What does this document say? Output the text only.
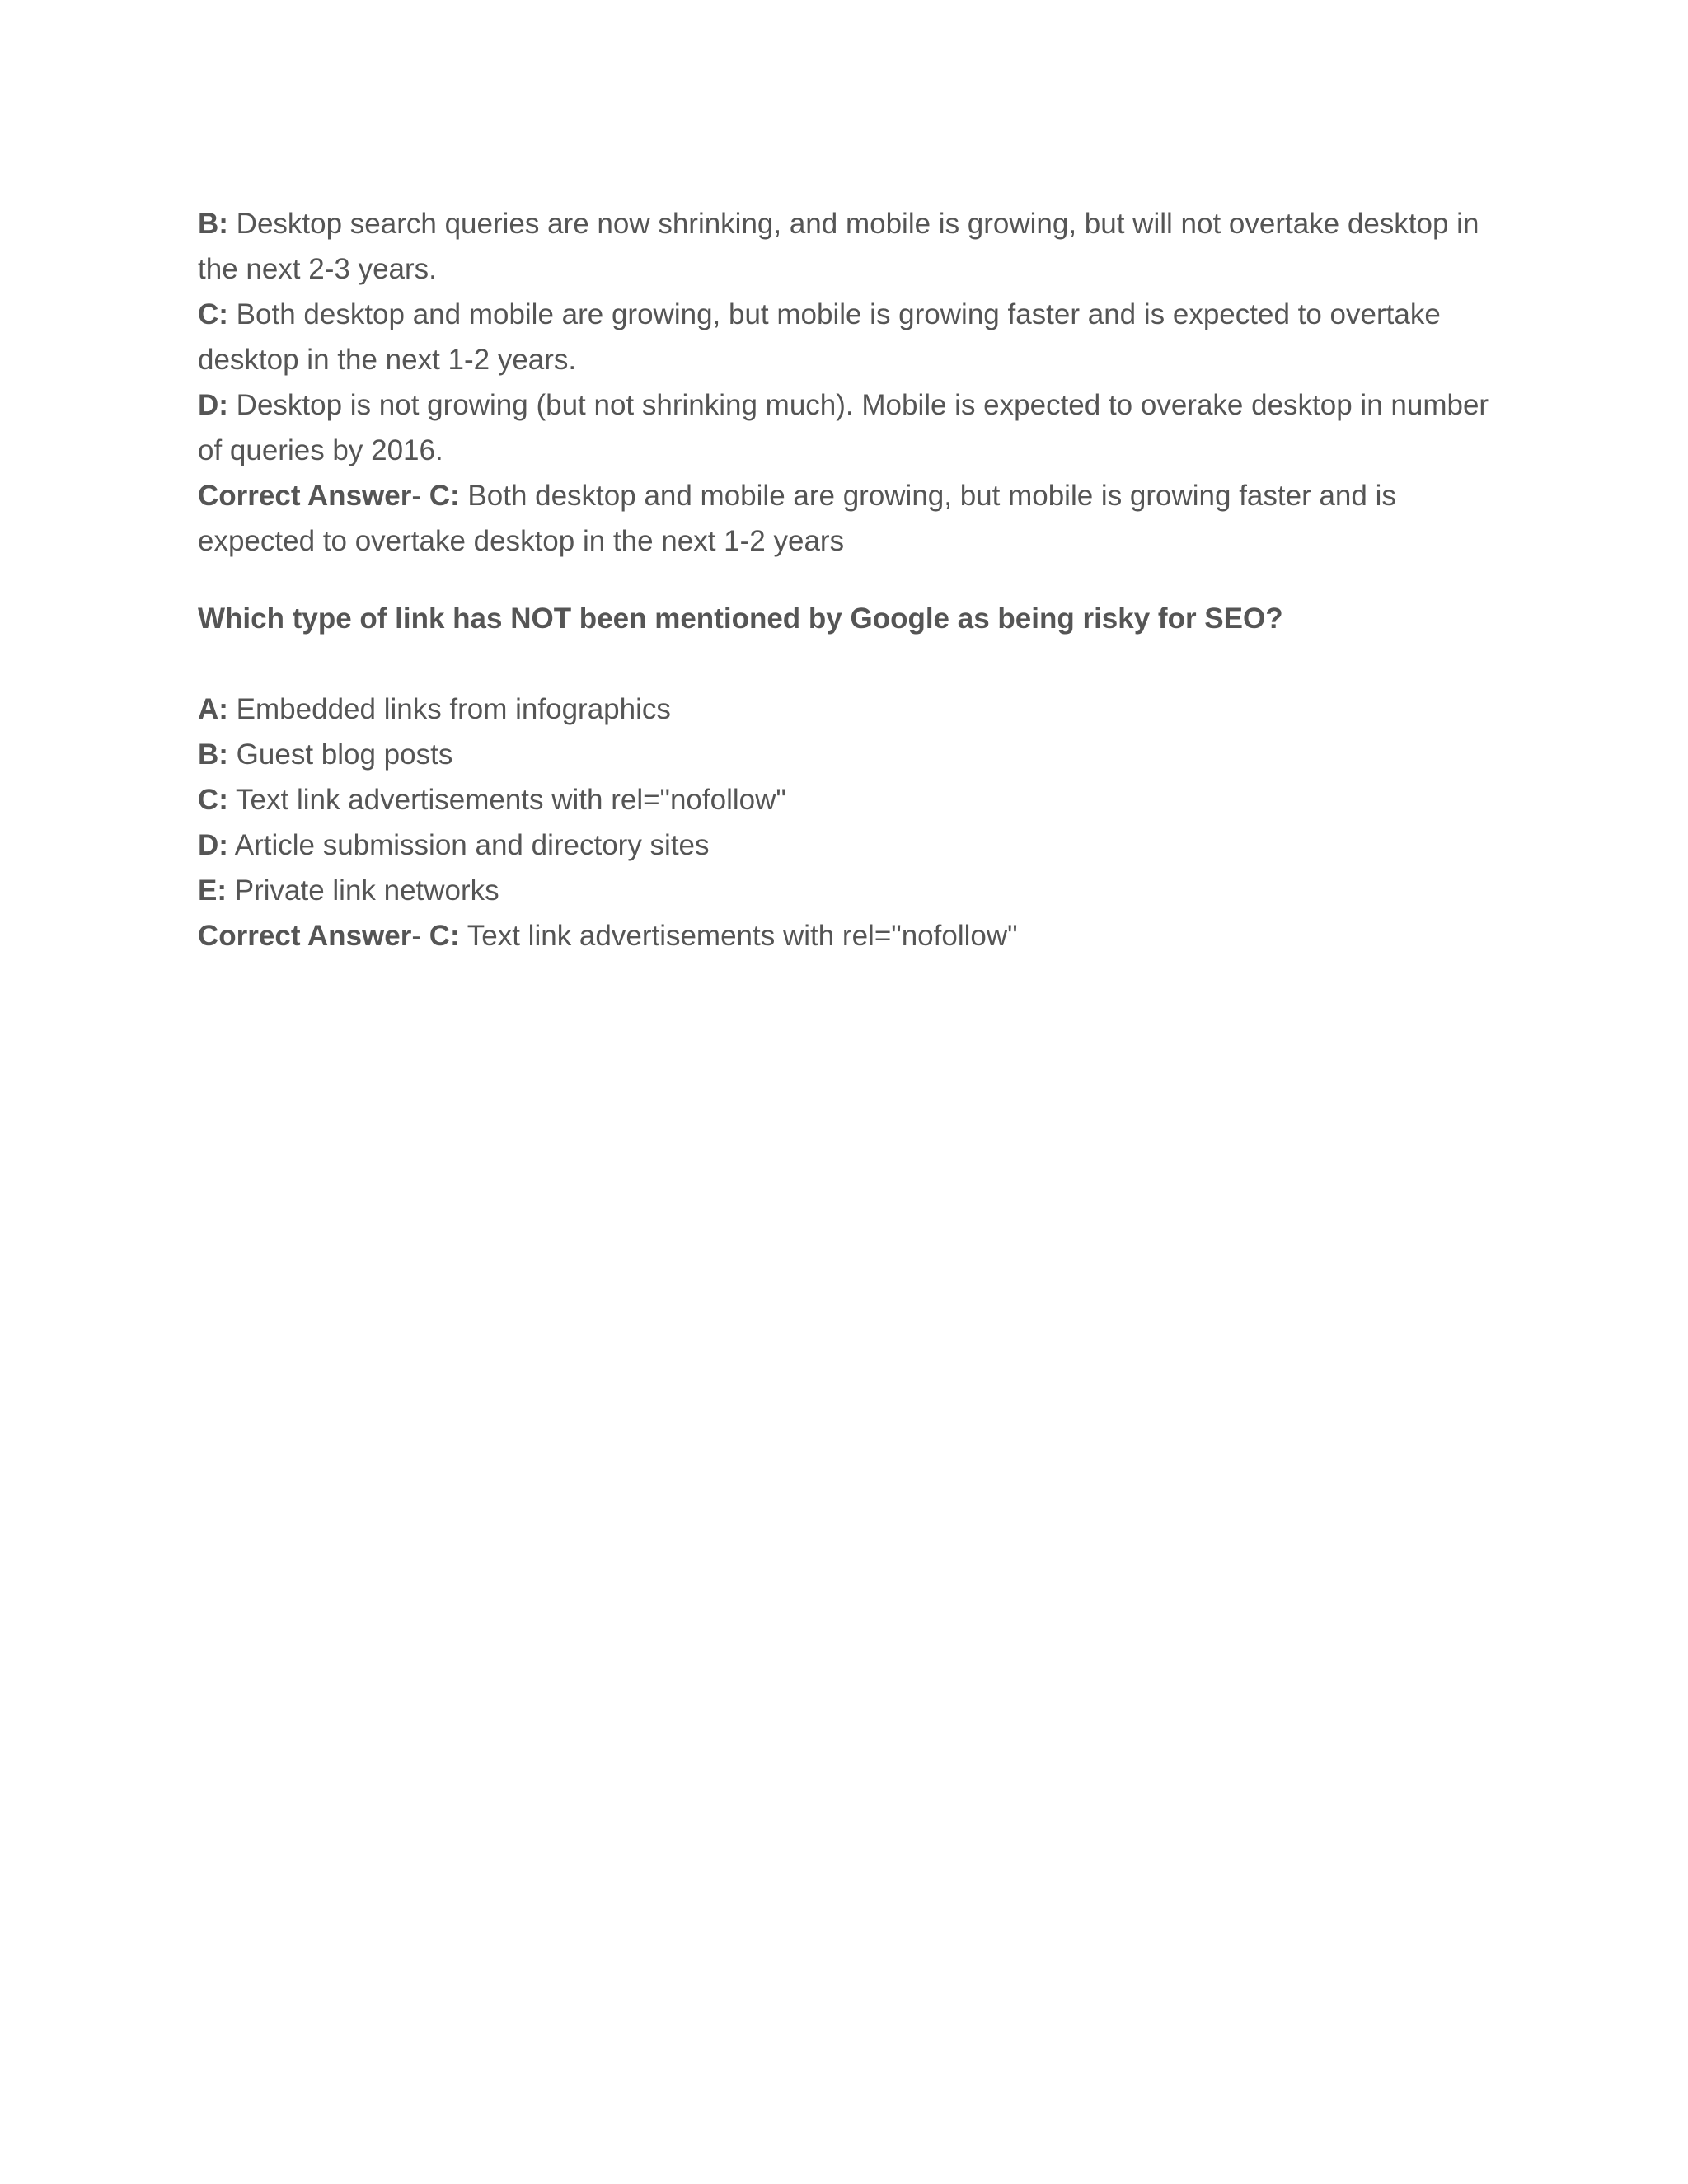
B: Desktop search queries are now shrinking, and mobile is growing, but will not overtake desktop in the next 2-3 years.

C: Both desktop and mobile are growing, but mobile is growing faster and is expected to overtake desktop in the next 1-2 years.

D: Desktop is not growing (but not shrinking much). Mobile is expected to overake desktop in number of queries by 2016.

Correct Answer- C: Both desktop and mobile are growing, but mobile is growing faster and is expected to overtake desktop in the next 1-2 years

Which type of link has NOT been mentioned by Google as being risky for SEO?

A: Embedded links from infographics

B: Guest blog posts

C: Text link advertisements with rel="nofollow"

D: Article submission and directory sites

E: Private link networks

Correct Answer- C: Text link advertisements with rel="nofollow"
